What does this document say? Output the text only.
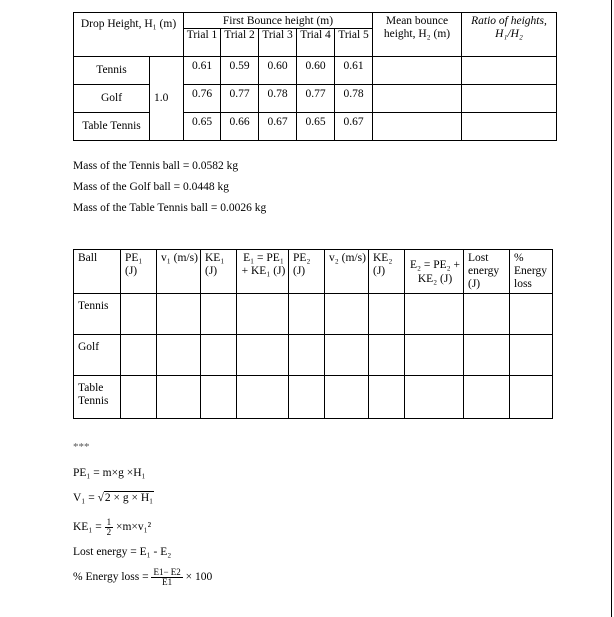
Drop Height, H₁ (m)		First Bounce height (m)					Mean bounce height, H₂ (m)	Ratio of heights, H₁/H₂

		Trial 1	Trial 2	Trial 3	Trial 4	Trial 5		

Tennis	1.0	0.61	0.59	0.60	0.60	0.61		
Golf		0.76	0.77	0.78	0.77	0.78		
Table Tennis		0.65	0.66	0.67	0.65	0.67		
Mass of the Tennis ball = 0.0582 kg
Mass of the Golf ball = 0.0448 kg
Mass of the Table Tennis ball = 0.0026 kg
Ball	PE₁ (J)	v₁ (m/s)	KE₁ (J)	E₁ = PE₁ + KE₁ (J)	PE₂ (J)	v₂ (m/s)	KE₂ (J)	E₂ = PE₂ + KE₂ (J)	Lost energy (J)	% Energy loss
Tennis										
Golf										
Table Tennis										
***
PE₁ = m×g ×H₁
V₁ = √2 × g × H₁
$KE_1 = \frac{1}{2} \times m\times v_1^2$
Lost energy = E₁ - E₂
% Energy loss = $\frac{E1- E2}{E1} \times 100$
